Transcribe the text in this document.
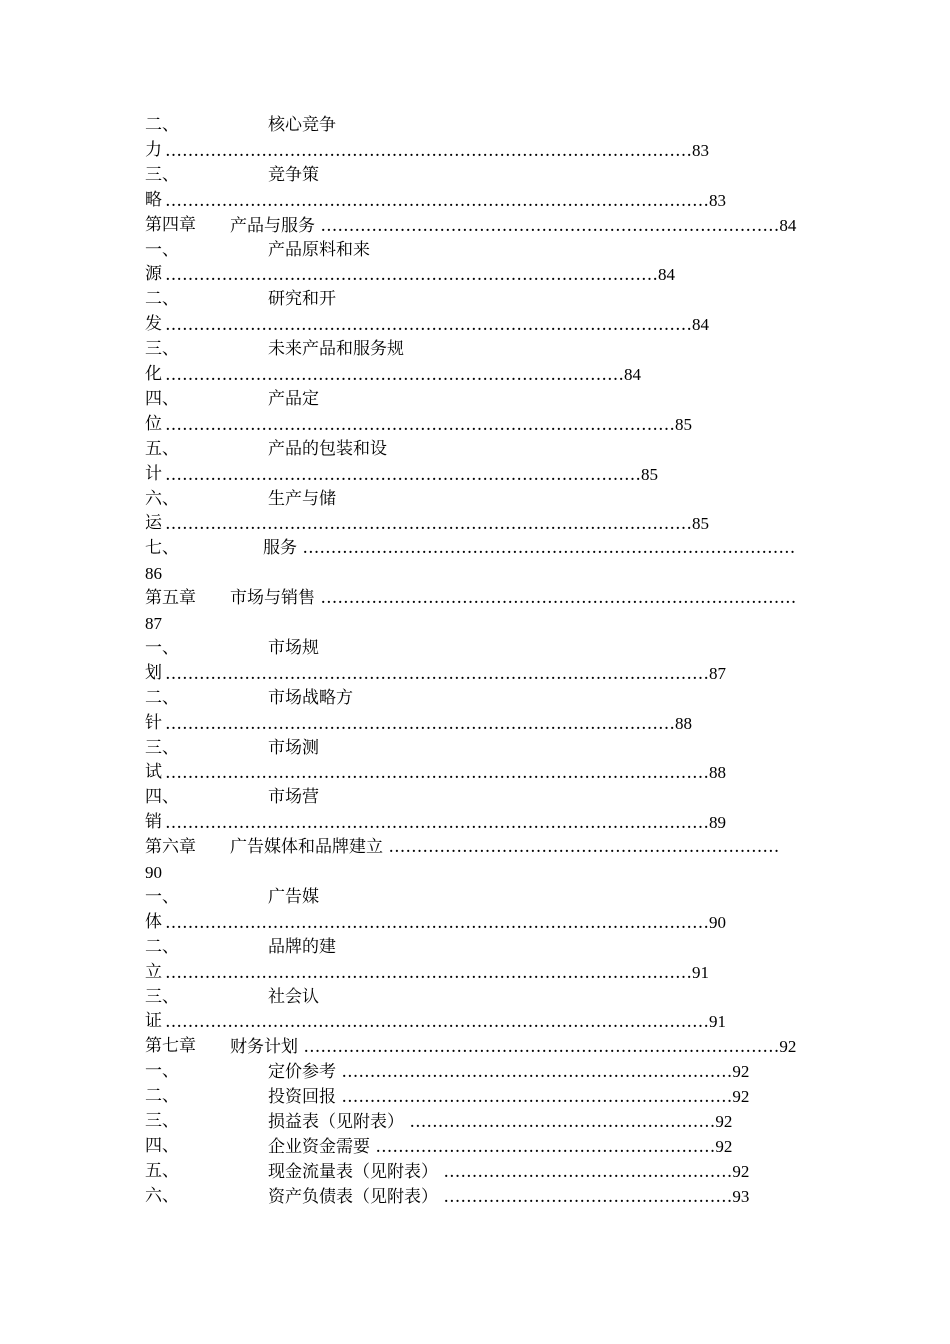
二、	核心竞争
力 …………………………………………………………………………………83
三、	竞争策
略 ……………………………………………………………………………………83
第四章 产品与服务 ………………………………………………………………………84
一、	产品原料和来
源 ……………………………………………………………………………84
二、	研究和开
发 …………………………………………………………………………………84
三、	未来产品和服务规
化 ………………………………………………………………………84
四、	产品定
位 ………………………………………………………………………………85
五、	产品的包装和设
计 …………………………………………………………………………85
六、	生产与储
运 …………………………………………………………………………………85
七、	服务 ……………………………………………………………………………
86
第五章 市场与销售 …………………………………………………………………………
87
一、	市场规
划 ……………………………………………………………………………………87
二、	市场战略方
针 ………………………………………………………………………………88
三、	市场测
试 ……………………………………………………………………………………88
四、	市场营
销 ……………………………………………………………………………………89
第六章 广告媒体和品牌建立 ……………………………………………………………
90
一、	广告媒
体 ……………………………………………………………………………………90
二、	品牌的建
立 …………………………………………………………………………………91
三、	社会认
证 ……………………………………………………………………………………91
第七章 财务计划 …………………………………………………………………………92
一、	定价参考 ……………………………………………………………92
二、	投资回报 ……………………………………………………………92
三、	损益表（见附表） ………………………………………………92
四、	企业资金需要 ……………………………………………………92
五、	现金流量表（见附表） ……………………………………………92
六、	资产负债表（见附表） ……………………………………………93
